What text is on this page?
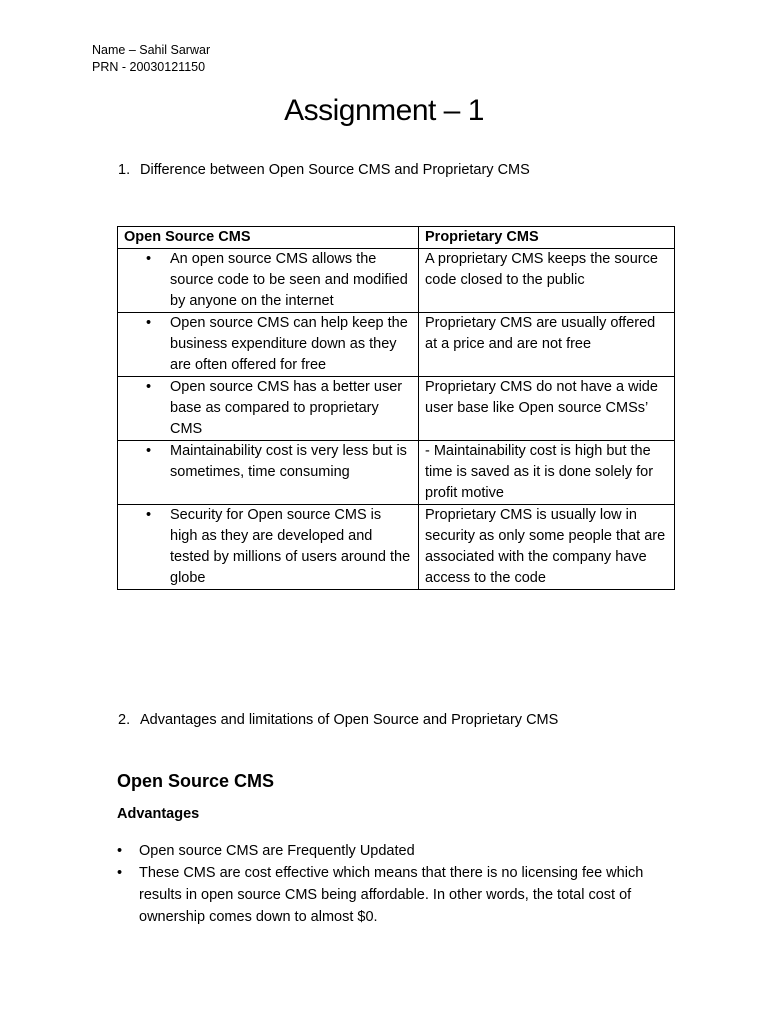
Name – Sahil Sarwar
PRN - 20030121150
Assignment – 1
1. Difference between Open Source CMS and Proprietary CMS
Open Source CMS	Proprietary CMS

• An open source CMS allows the source code to be seen and modified by anyone on the internet	A proprietary CMS keeps the source code closed to the public

• Open source CMS can help keep the business expenditure down as they are often offered for free	Proprietary CMS are usually offered at a price and are not free

• Open source CMS has a better user base as compared to proprietary CMS	Proprietary CMS do not have a wide user base like Open source CMSs’

• Maintainability cost is very less but is sometimes, time consuming	- Maintainability cost is high but the time is saved as it is done solely for profit motive

• Security for Open source CMS is high as they are developed and tested by millions of users around the globe	Proprietary CMS is usually low in security as only some people that are associated with the company have access to the code
2. Advantages and limitations of Open Source and Proprietary CMS
Open Source CMS
Advantages
• Open source CMS are Frequently Updated
• These CMS are cost effective which means that there is no licensing fee which results in open source CMS being affordable. In other words, the total cost of ownership comes down to almost $0.
